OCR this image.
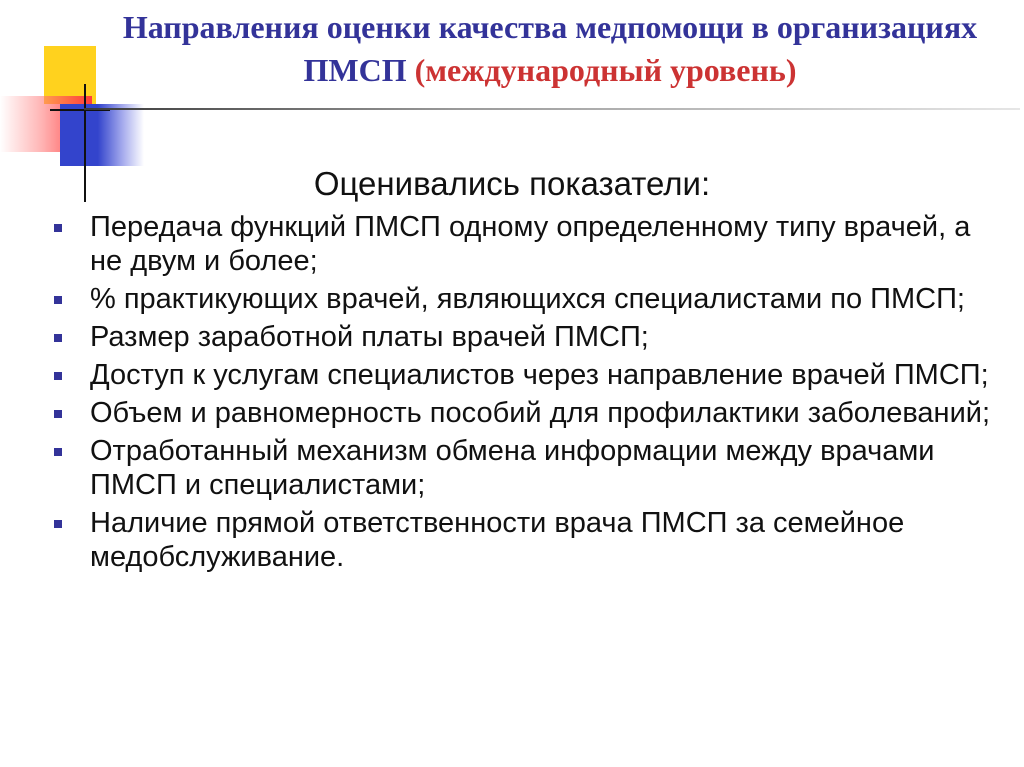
Направления оценки качества медпомощи в организациях ПМСП (международный уровень)
Оценивались показатели:
Передача функций ПМСП одному определенному типу врачей, а не двум и более;
% практикующих врачей, являющихся специалистами по ПМСП;
Размер заработной платы врачей ПМСП;
Доступ к услугам специалистов через направление врачей ПМСП;
Объем и равномерность пособий для профилактики заболеваний;
Отработанный механизм обмена информации между врачами ПМСП и специалистами;
Наличие прямой ответственности врача ПМСП за семейное медобслуживание.
